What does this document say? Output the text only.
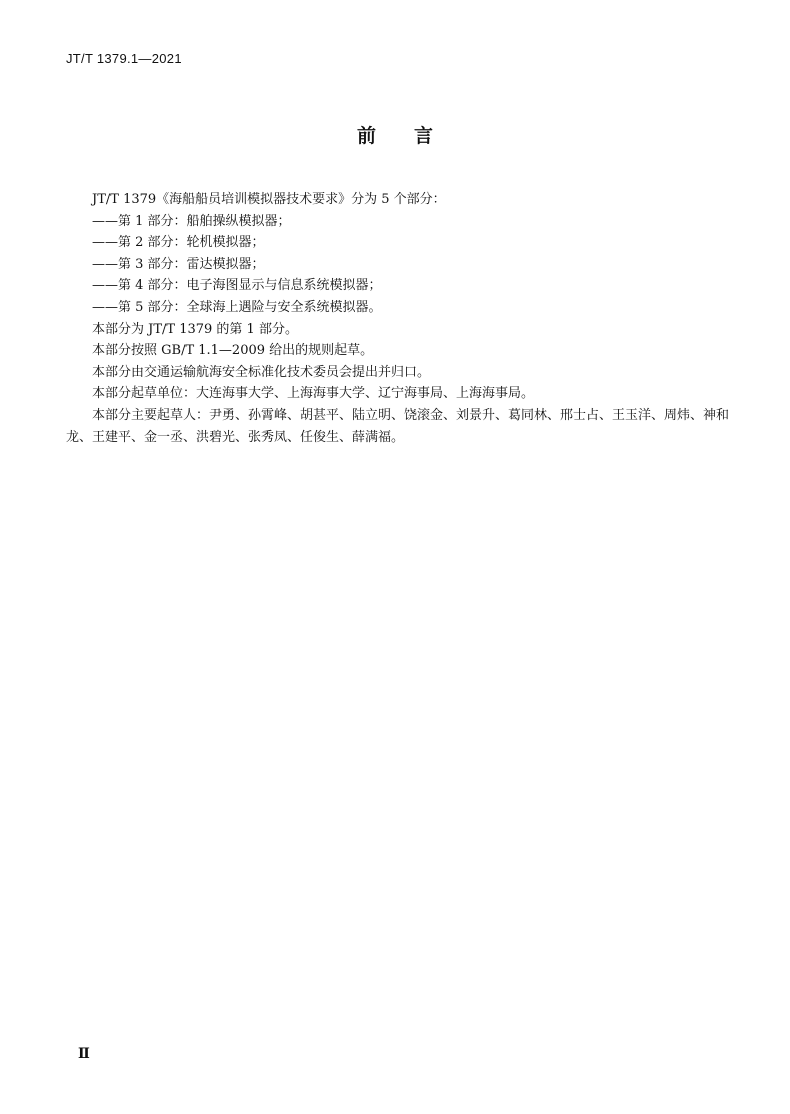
JT/T 1379.1—2021
前　　言

JT/T 1379《海船船员培训模拟器技术要求》分为 5 个部分：

——第 1 部分：船舶操纵模拟器；

——第 2 部分：轮机模拟器；

——第 3 部分：雷达模拟器；

——第 4 部分：电子海图显示与信息系统模拟器；

——第 5 部分：全球海上遇险与安全系统模拟器。

本部分为 JT/T 1379 的第 1 部分。

本部分按照 GB/T 1.1—2009 给出的规则起草。

本部分由交通运输航海安全标准化技术委员会提出并归口。

本部分起草单位：大连海事大学、上海海事大学、辽宁海事局、上海海事局。

本部分主要起草人：尹勇、孙霄峰、胡甚平、陆立明、饶滚金、刘景升、葛同林、邢士占、王玉洋、周炜、神和龙、王建平、金一丞、洪碧光、张秀凤、任俊生、薛满福。

Ⅱ
